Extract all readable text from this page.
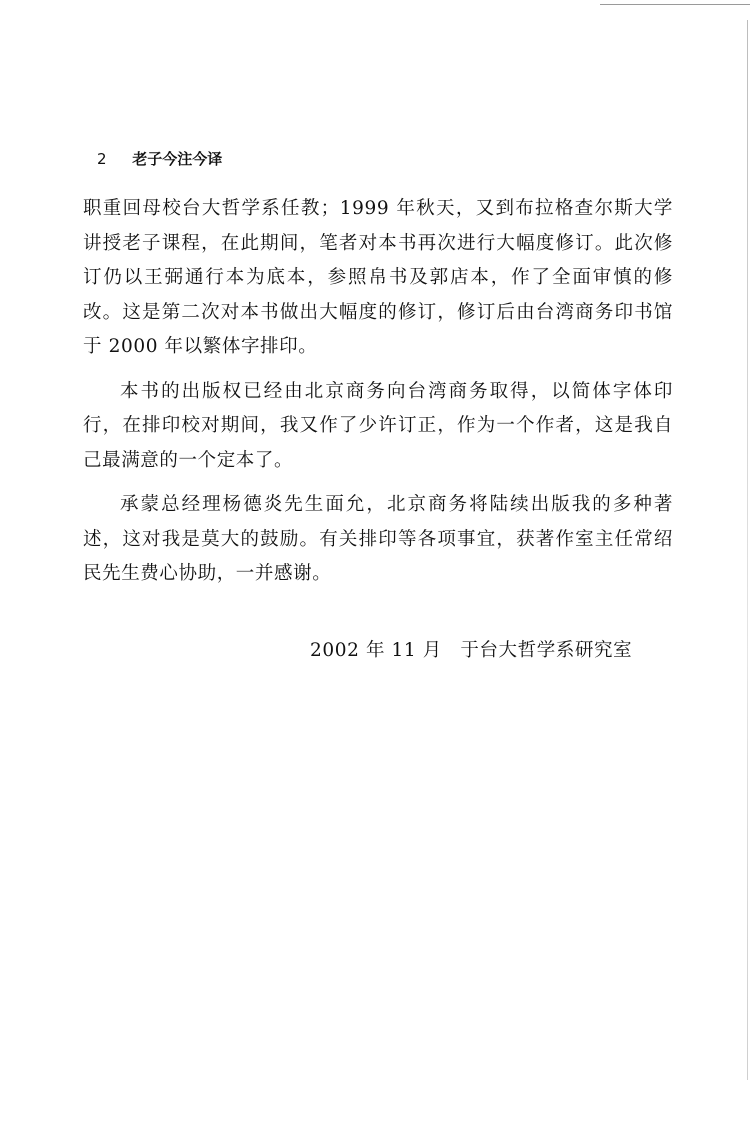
2 老子今注今译

职重回母校台大哲学系任教；1999 年秋天，又到布拉格查尔斯大学讲授老子课程，在此期间，笔者对本书再次进行大幅度修订。此次修订仍以王弼通行本为底本，参照帛书及郭店本，作了全面审慎的修改。这是第二次对本书做出大幅度的修订，修订后由台湾商务印书馆于 2000 年以繁体字排印。

本书的出版权已经由北京商务向台湾商务取得，以简体字体印行，在排印校对期间，我又作了少许订正，作为一个作者，这是我自己最满意的一个定本了。

承蒙总经理杨德炎先生面允，北京商务将陆续出版我的多种著述，这对我是莫大的鼓励。有关排印等各项事宜，获著作室主任常绍民先生费心协助，一并感谢。

2002 年 11 月 于台大哲学系研究室
